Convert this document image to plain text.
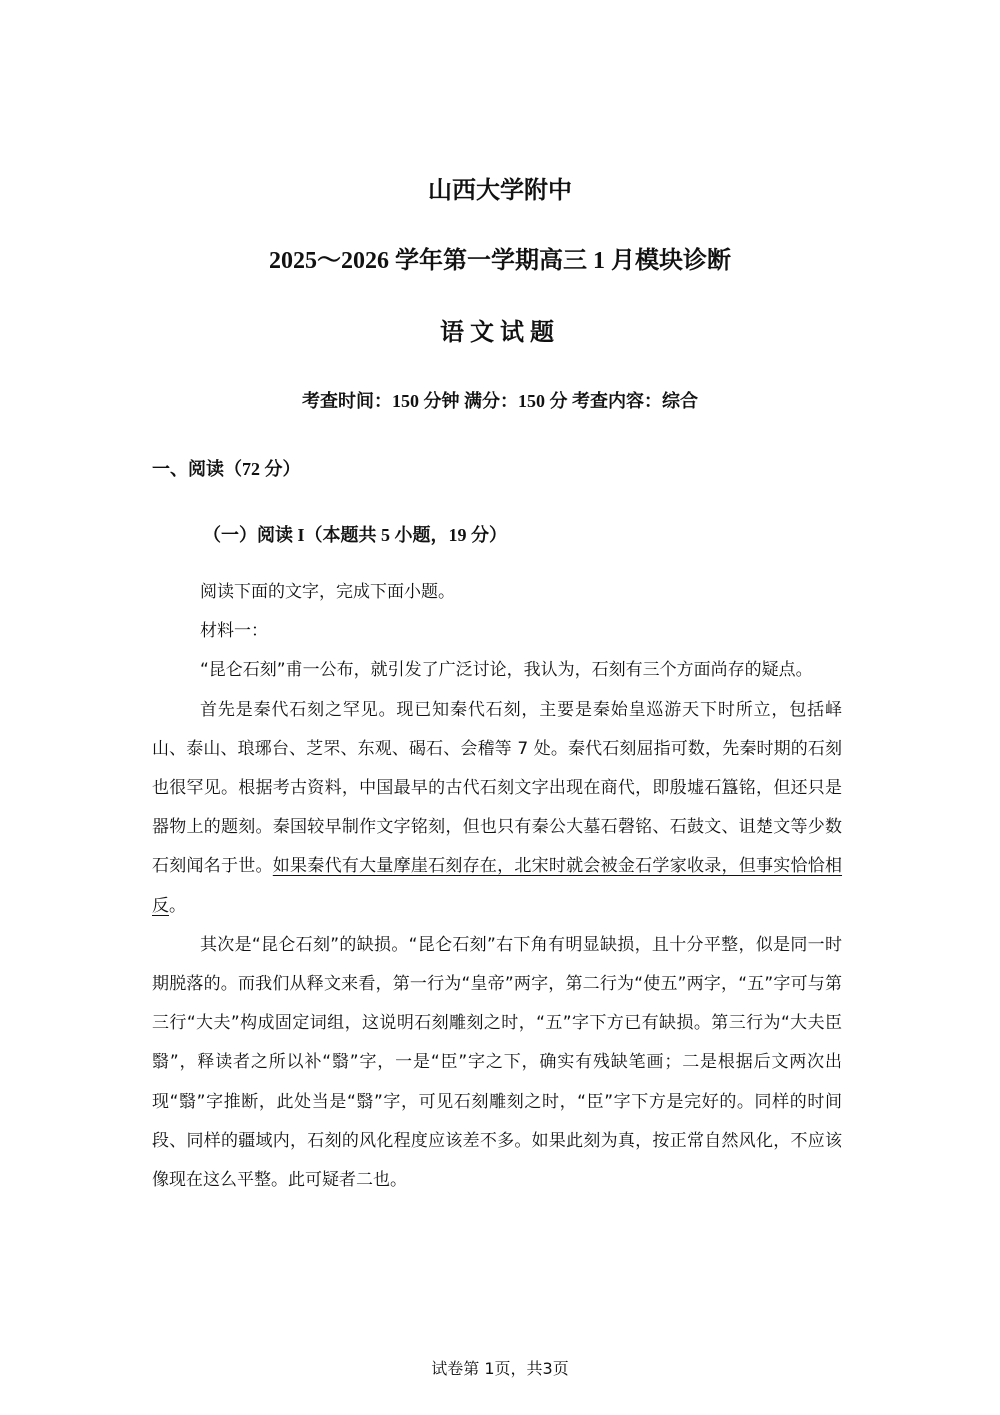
山西大学附中
2025～2026 学年第一学期高三 1 月模块诊断
语文试题
考查时间：150 分钟 满分：150 分 考查内容：综合
一、阅读（72 分）
（一）阅读 I（本题共 5 小题，19 分）

阅读下面的文字，完成下面小题。

材料一：

“昆仑石刻”甫一公布，就引发了广泛讨论，我认为，石刻有三个方面尚存的疑点。

首先是秦代石刻之罕见。现已知秦代石刻，主要是秦始皇巡游天下时所立，包括峄山、泰山、琅琊台、芝罘、东观、碣石、会稽等 7 处。秦代石刻屈指可数，先秦时期的石刻也很罕见。根据考古资料，中国最早的古代石刻文字出现在商代，即殷墟石簋铭，但还只是器物上的题刻。秦国较早制作文字铭刻，但也只有秦公大墓石磬铭、石鼓文、诅楚文等少数石刻闻名于世。如果秦代有大量摩崖石刻存在，北宋时就会被金石学家收录，但事实恰恰相反。

其次是“昆仑石刻”的缺损。“昆仑石刻”右下角有明显缺损，且十分平整，似是同一时期脱落的。而我们从释文来看，第一行为“皇帝”两字，第二行为“使五”两字，“五”字可与第三行“大夫”构成固定词组，这说明石刻雕刻之时，“五”字下方已有缺损。第三行为“大夫臣翳”，释读者之所以补“翳”字，一是“臣”字之下，确实有残缺笔画；二是根据后文两次出现“翳”字推断，此处当是“翳”字，可见石刻雕刻之时，“臣”字下方是完好的。同样的时间段、同样的疆域内，石刻的风化程度应该差不多。如果此刻为真，按正常自然风化，不应该像现在这么平整。此可疑者二也。

试卷第 1页，共3页
